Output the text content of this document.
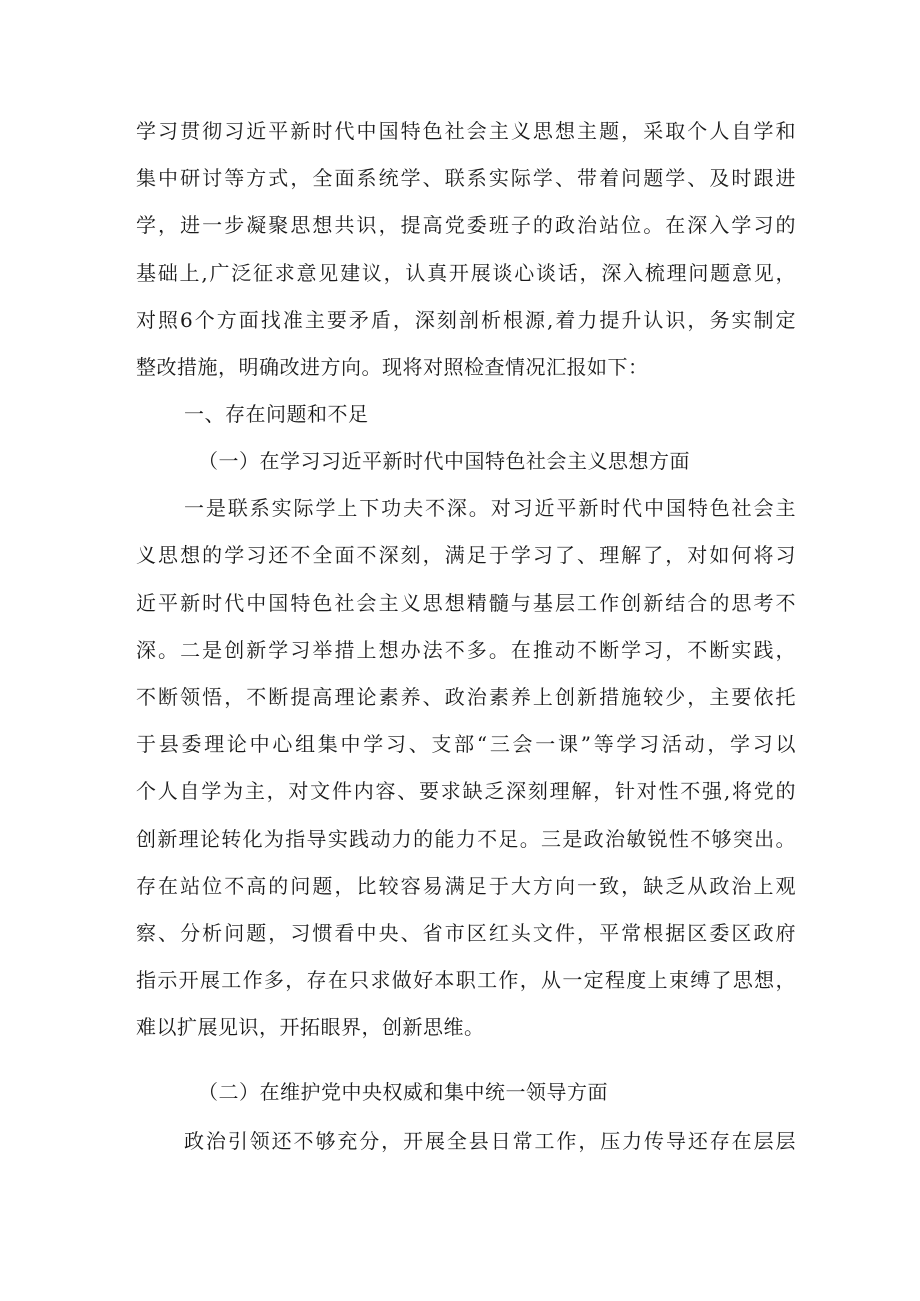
学习贯彻习近平新时代中国特色社会主义思想主题，采取个人自学和
集中研讨等方式，全面系统学、联系实际学、带着问题学、及时跟进
学，进一步凝聚思想共识，提高党委班子的政治站位。在深入学习的
基础上,广泛征求意见建议，认真开展谈心谈话，深入梳理问题意见，
对照6个方面找准主要矛盾，深刻剖析根源,着力提升认识，务实制定
整改措施，明确改进方向。现将对照检查情况汇报如下：
一、存在问题和不足
（一）在学习习近平新时代中国特色社会主义思想方面
一是联系实际学上下功夫不深。对习近平新时代中国特色社会主
义思想的学习还不全面不深刻，满足于学习了、理解了，对如何将习
近平新时代中国特色社会主义思想精髓与基层工作创新结合的思考不
深。二是创新学习举措上想办法不多。在推动不断学习，不断实践，
不断领悟，不断提高理论素养、政治素养上创新措施较少，主要依托
于县委理论中心组集中学习、支部“三会一课”等学习活动，学习以
个人自学为主，对文件内容、要求缺乏深刻理解，针对性不强,将党的
创新理论转化为指导实践动力的能力不足。三是政治敏锐性不够突出。
存在站位不高的问题，比较容易满足于大方向一致，缺乏从政治上观
察、分析问题，习惯看中央、省市区红头文件，平常根据区委区政府
指示开展工作多，存在只求做好本职工作，从一定程度上束缚了思想，
难以扩展见识，开拓眼界，创新思维。
（二）在维护党中央权威和集中统一领导方面
政治引领还不够充分，开展全县日常工作，压力传导还存在层层
